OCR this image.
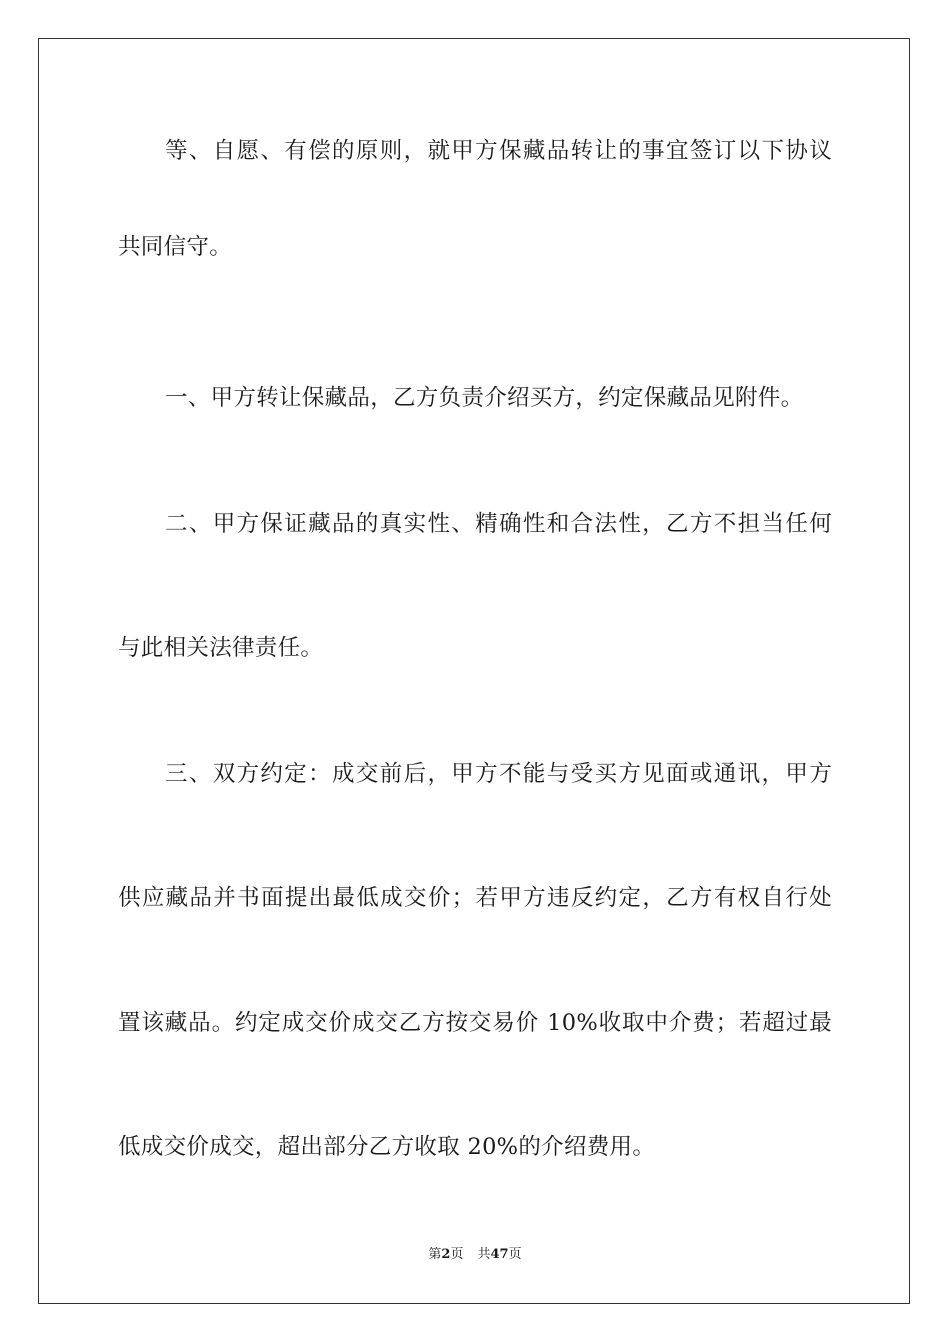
等、自愿、有偿的原则，就甲方保藏品转让的事宜签订以下协议
共同信守。
一、甲方转让保藏品，乙方负责介绍买方，约定保藏品见附件。
二、甲方保证藏品的真实性、精确性和合法性，乙方不担当任何
与此相关法律责任。
三、双方约定：成交前后，甲方不能与受买方见面或通讯，甲方
供应藏品并书面提出最低成交价；若甲方违反约定，乙方有权自行处
置该藏品。约定成交价成交乙方按交易价 10%收取中介费；若超过最
低成交价成交，超出部分乙方收取 20%的介绍费用。
第2页 共47页
